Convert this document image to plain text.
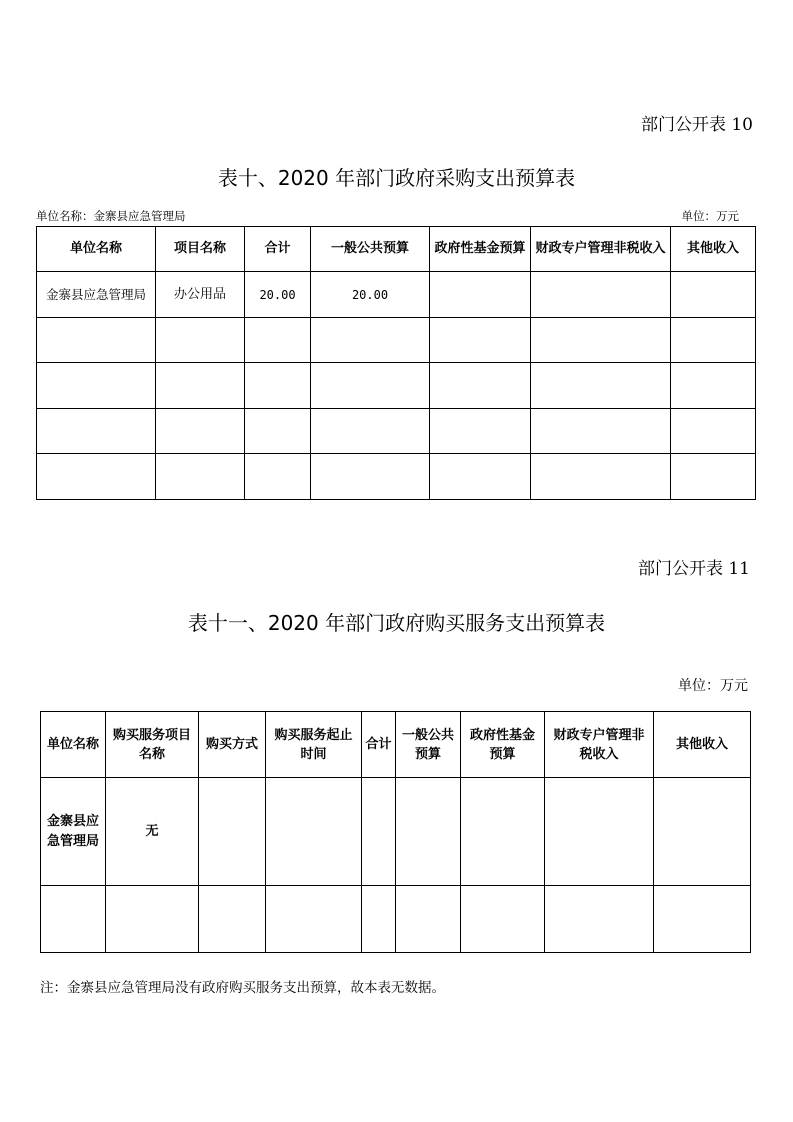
部门公开表 10
表十、2020 年部门政府采购支出预算表
单位名称：金寨县应急管理局	单位：万元
单位名称	项目名称	合计	一般公共预算	政府性基金预算	财政专户管理非税收入	其他收入
金寨县应急管理局	办公用品	20.00	20.00			

部门公开表 11
表十一、2020 年部门政府购买服务支出预算表
单位：万元
单位名称	购买服务项目名称	购买方式	购买服务起止时间	合计	一般公共预算	政府性基金预算	财政专户管理非税收入	其他收入
金寨县应急管理局	无							

注：金寨县应急管理局没有政府购买服务支出预算，故本表无数据。
